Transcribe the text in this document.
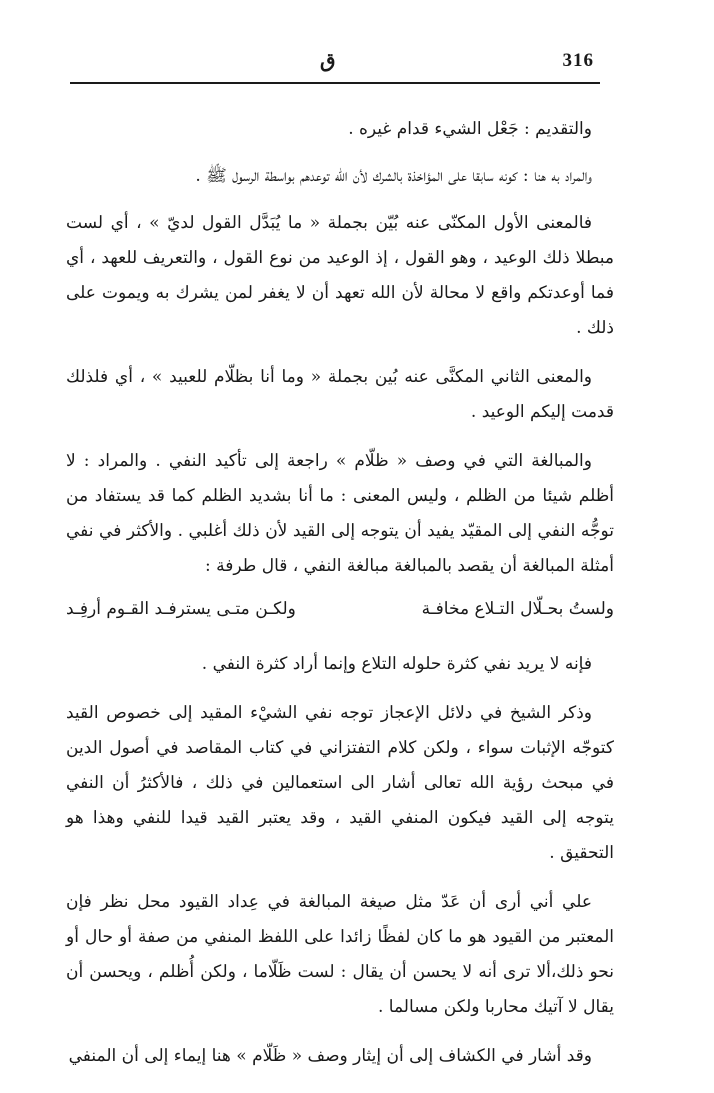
ق	316

والتقديم : جَعْل الشيء قدام غيره .

والمراد به هنا : كونه سابقا على المؤاخذة بالشرك لأن الله توعدهم بواسطة الرسول ﷺ .

فالمعنى الأول المكنّى عنه بُيّن بجملة « ما يُبَدَّل القول لديّ » ، أي لست مبطلا ذلك الوعيد ، وهو القول ، إذ الوعيد من نوع القول ، والتعريف للعهد ، أي فما أوعدتكم واقع لا محالة لأن الله تعهد أن لا يغفر لمن يشرك به ويموت على ذلك .

والمعنى الثاني المكنَّى عنه بُين بجملة « وما أنا بظلّام للعبيد » ، أي فلذلك قدمت إليكم الوعيد .

والمبالغة التي في وصف « ظلّام » راجعة إلى تأكيد النفي . والمراد : لا أظلم شيئا من الظلم ، وليس المعنى : ما أنا بشديد الظلم كما قد يستفاد من توجُّه النفي إلى المقيّد يفيد أن يتوجه إلى القيد لأن ذلك أغلبي . والأكثر في نفي أمثلة المبالغة أن يقصد بالمبالغة مبالغة النفي ، قال طرفة :

ولستُ بحـلّال التـلاع مخافـة
ولكـن متـى يسترفـد القـوم أرفِـد

فإنه لا يريد نفي كثرة حلوله التلاع وإنما أراد كثرة النفي .

وذكر الشيخ في دلائل الإعجاز توجه نفي الشيْء المقيد إلى خصوص القيد كتوجّه الإثبات سواء ، ولكن كلام التفتزاني في كتاب المقاصد في أصول الدين في مبحث رؤية الله تعالى أشار الى استعمالين في ذلك ، فالأكثرُ أن النفي يتوجه إلى القيد فيكون المنفي القيد ، وقد يعتبر القيد قيدا للنفي وهذا هو التحقيق .

علي أني أرى أن عَدّ مثل صيغة المبالغة في عِداد القيود محل نظر فإن المعتبر من القيود هو ما كان لفظًا زائدا على اللفظ المنفي من صفة أو حال أو نحو ذلك،ألا ترى أنه لا يحسن أن يقال : لست ظَلّاما ، ولكن أُظلم ، ويحسن أن يقال لا آتيك محاربا ولكن مسالما .

وقد أشار في الكشاف إلى أن إيثار وصف « ظَلّام » هنا إيماء إلى أن المنفي
